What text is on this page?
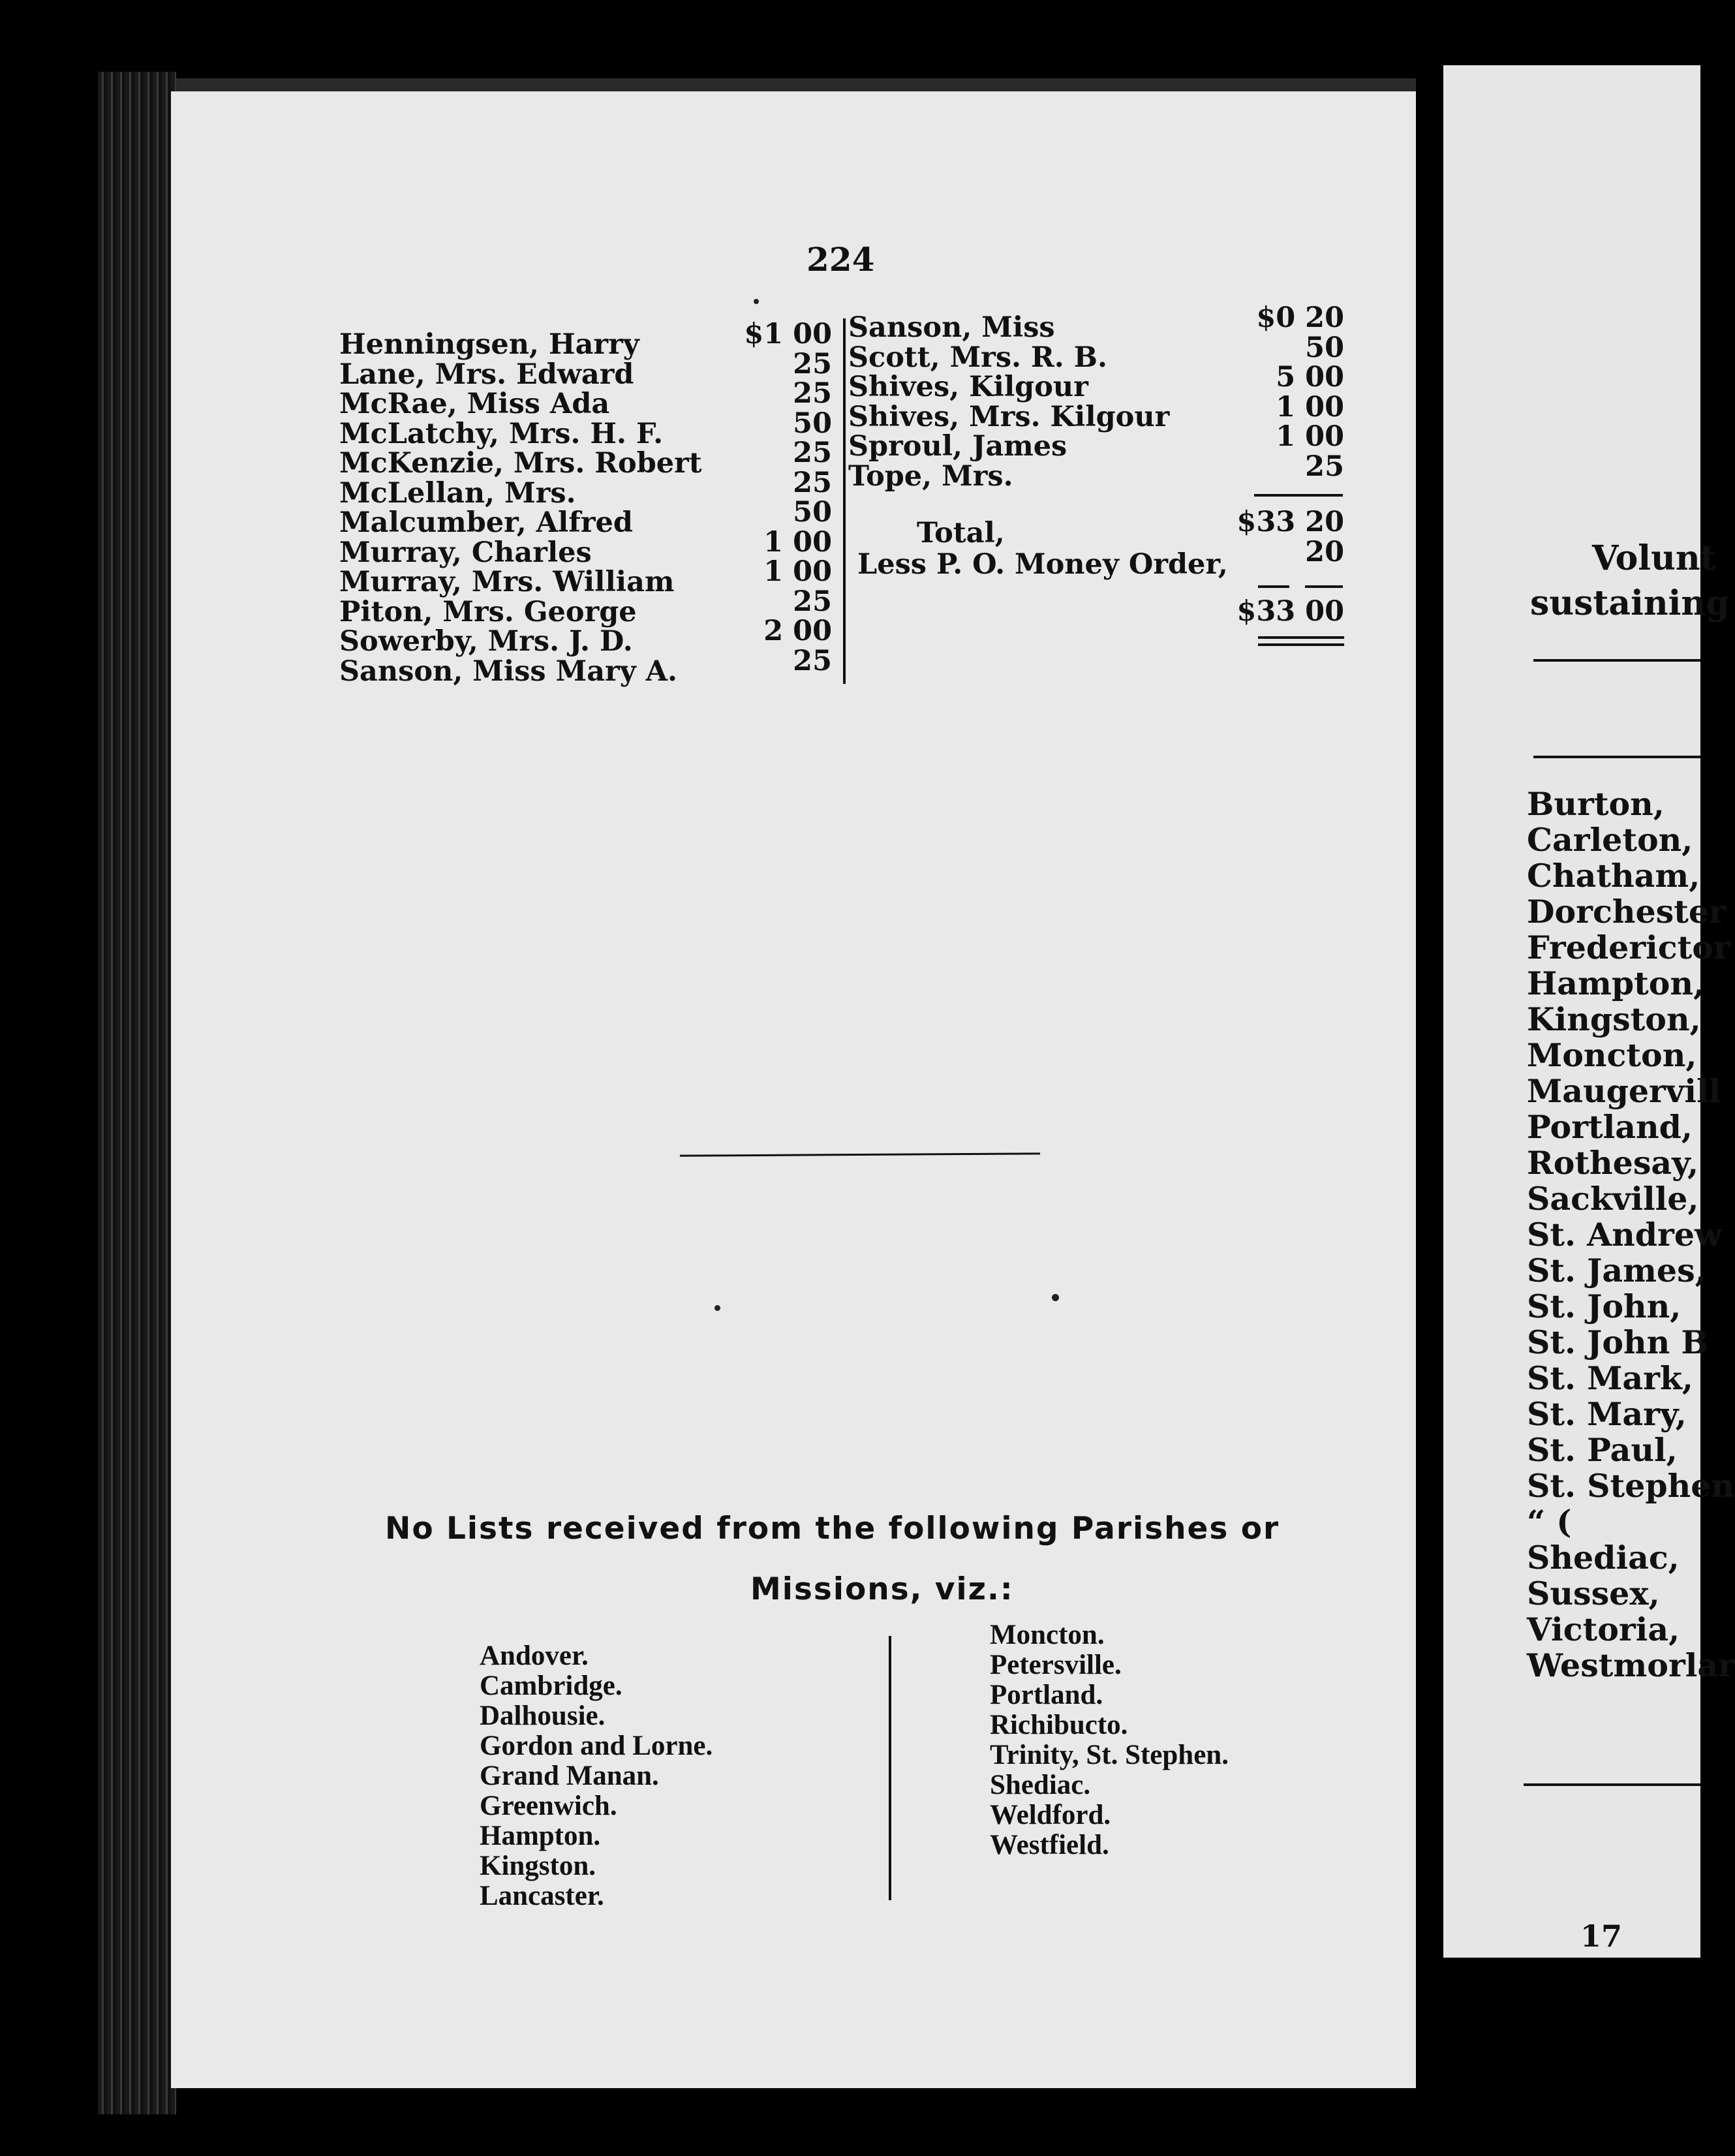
224
Henningsen, Harry
Lane, Mrs. Edward
McRae, Miss Ada
McLatchy, Mrs. H. F.
McKenzie, Mrs. Robert
McLellan, Mrs.
Malcumber, Alfred
Murray, Charles
Murray, Mrs. William
Piton, Mrs. George
Sowerby, Mrs. J. D.
Sanson, Miss Mary A.
$1 00
25
25
50
25
25
50
1 00
1 00
25
2 00
25
Sanson, Miss
Scott, Mrs. R. B.
Shives, Kilgour
Shives, Mrs. Kilgour
Sproul, James
Tope, Mrs.
$0 20
50
5 00
1 00
1 00
25
Total,	$33 20
Less P. O. Money Order,	20
$33 00
No Lists received from the following Parishes or
Missions, viz.:
Andover.
Cambridge.
Dalhousie.
Gordon and Lorne.
Grand Manan.
Greenwich.
Hampton.
Kingston.
Lancaster.
Moncton.
Petersville.
Portland.
Richibucto.
Trinity, St. Stephen.
Shediac.
Weldford.
Westfield.
Volunt
sustaining
Burton,
Carleton,
Chatham,
Dorchester
Frederictor
Hampton,
Kingston,
Moncton,
Maugervill
Portland,
Rothesay,
Sackville,
St. Andrew
St. James,
St. John,
St. John B
St. Mark,
St. Mary,
St. Paul,
St. Stephen
“ (
Shediac,
Sussex,
Victoria,
Westmorlar
17
